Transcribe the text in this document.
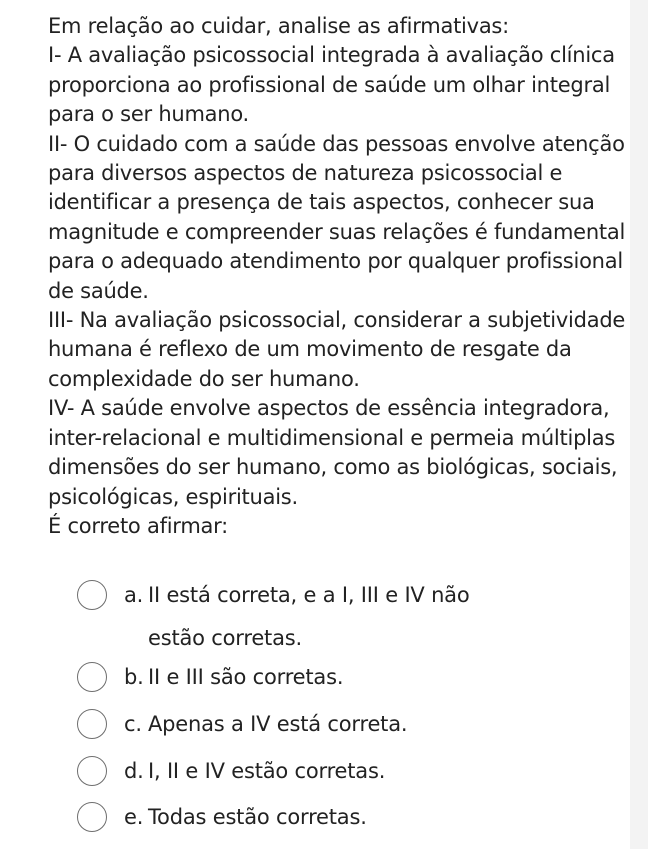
Em relação ao cuidar, analise as afirmativas:

I- A avaliação psicossocial integrada à avaliação clínica proporciona ao profissional de saúde um olhar integral para o ser humano.

II- O cuidado com a saúde das pessoas envolve atenção para diversos aspectos de natureza psicossocial e identificar a presença de tais aspectos, conhecer sua magnitude e compreender suas relações é fundamental para o adequado atendimento por qualquer profissional de saúde.

III- Na avaliação psicossocial, considerar a subjetividade humana é reflexo de um movimento de resgate da complexidade do ser humano.

IV- A saúde envolve aspectos de essência integradora, inter-relacional e multidimensional e permeia múltiplas dimensões do ser humano, como as biológicas, sociais, psicológicas, espirituais.

É correto afirmar:

a. II está correta, e a I, III e IV não estão corretas.
b. II e III são corretas.
c. Apenas a IV está correta.
d. I, II e IV estão corretas.
e. Todas estão corretas.
